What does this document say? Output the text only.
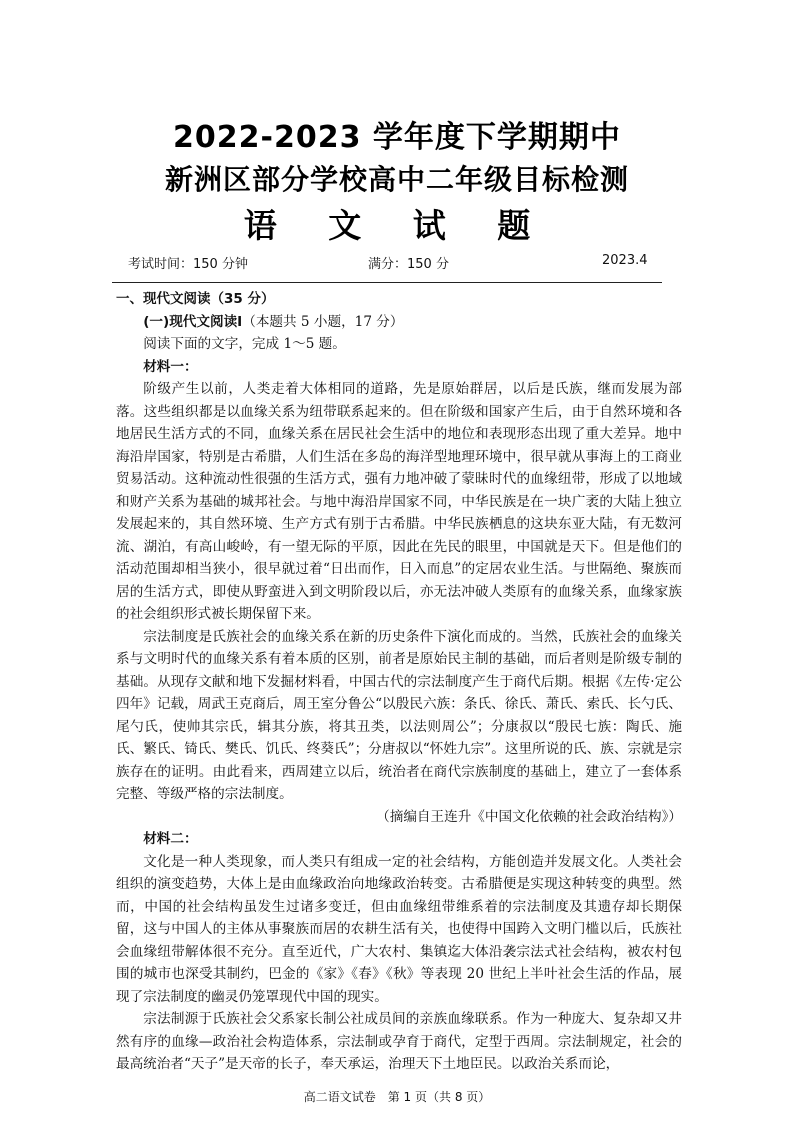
2022-2023 学年度下学期期中
新洲区部分学校高中二年级目标检测
语 文 试 题
考试时间：150 分钟	满分：150 分	2023.4

一、现代文阅读（35 分）

(一)现代文阅读Ⅰ（本题共 5 小题，17 分）

阅读下面的文字，完成 1～5 题。

材料一：

阶级产生以前，人类走着大体相同的道路，先是原始群居，以后是氏族，继而发展为部落。这些组织都是以血缘关系为纽带联系起来的。但在阶级和国家产生后，由于自然环境和各地居民生活方式的不同，血缘关系在居民社会生活中的地位和表现形态出现了重大差异。地中海沿岸国家，特别是古希腊，人们生活在多岛的海洋型地理环境中，很早就从事海上的工商业贸易活动。这种流动性很强的生活方式，强有力地冲破了蒙昧时代的血缘纽带，形成了以地域和财产关系为基础的城邦社会。与地中海沿岸国家不同，中华民族是在一块广袤的大陆上独立发展起来的，其自然环境、生产方式有别于古希腊。中华民族栖息的这块东亚大陆，有无数河流、湖泊，有高山峻岭，有一望无际的平原，因此在先民的眼里，中国就是天下。但是他们的活动范围却相当狭小，很早就过着“日出而作，日入而息”的定居农业生活。与世隔绝、聚族而居的生活方式，即使从野蛮进入到文明阶段以后，亦无法冲破人类原有的血缘关系，血缘家族的社会组织形式被长期保留下来。

宗法制度是氏族社会的血缘关系在新的历史条件下演化而成的。当然，氏族社会的血缘关系与文明时代的血缘关系有着本质的区别，前者是原始民主制的基础，而后者则是阶级专制的基础。从现存文献和地下发掘材料看，中国古代的宗法制度产生于商代后期。根据《左传·定公四年》记载，周武王克商后，周王室分鲁公“以殷民六族：条氏、徐氏、萧氏、索氏、长勺氏、尾勺氏，使帅其宗氏，辑其分族，将其丑类，以法则周公”；分康叔以“殷民七族：陶氏、施氏、繁氏、锜氏、樊氏、饥氏、终葵氏”；分唐叔以“怀姓九宗”。这里所说的氏、族、宗就是宗族存在的证明。由此看来，西周建立以后，统治者在商代宗族制度的基础上，建立了一套体系完整、等级严格的宗法制度。

（摘编自王连升《中国文化依赖的社会政治结构》）

材料二：

文化是一种人类现象，而人类只有组成一定的社会结构，方能创造并发展文化。人类社会组织的演变趋势，大体上是由血缘政治向地缘政治转变。古希腊便是实现这种转变的典型。然而，中国的社会结构虽发生过诸多变迁，但由血缘纽带维系着的宗法制度及其遗存却长期保留，这与中国人的主体从事聚族而居的农耕生活有关，也使得中国跨入文明门槛以后，氏族社会血缘纽带解体很不充分。直至近代，广大农村、集镇迄大体沿袭宗法式社会结构，被农村包围的城市也深受其制约，巴金的《家》《春》《秋》等表现 20 世纪上半叶社会生活的作品，展现了宗法制度的幽灵仍笼罩现代中国的现实。

宗法制源于氏族社会父系家长制公社成员间的亲族血缘联系。作为一种庞大、复杂却又井然有序的血缘—政治社会构造体系，宗法制或孕育于商代，定型于西周。宗法制规定，社会的最高统治者“天子”是天帝的长子，奉天承运，治理天下土地臣民。以政治关系而论，

高二语文试卷　第 1 页（共 8 页）
